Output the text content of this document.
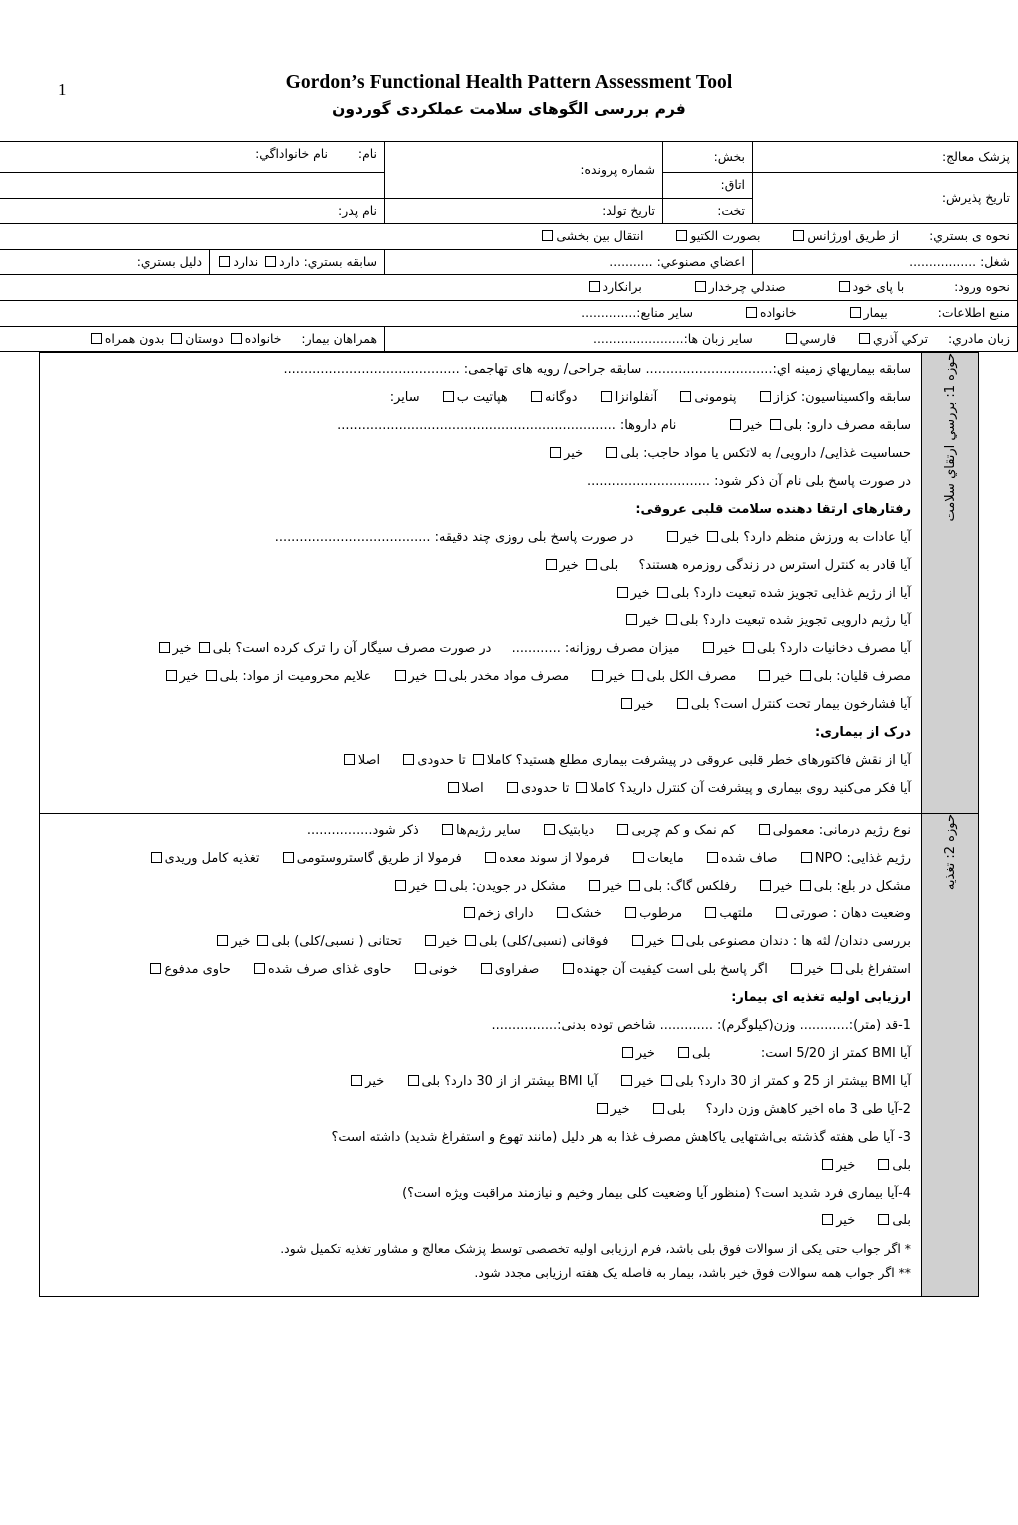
1	Gordon’s Functional Health Pattern Assessment Tool
فرم بررسی الگوهای سلامت عملکردی گوردون
پزشک معالج:	بخش:	شماره پرونده:	نام:  نام خانواداگي:	

تاریخ پذیرش:	اتاق:			
	تخت:	تاریخ تولد:	نام پدر:	
نحوه ی بستري:  از طریق اورژانس  بصورت الکتیو  انتقال بین بخشی				
شغل: .................	اعضاي مصنوعي: ...........		سابقه بستري: دارد ندارد	دلیل بستري:
نحوه ورود:  با پای خود  صندلي چرخدار  برانکارد				
منبع اطلاعات:  بیمار  خانواده  سایر منابع:..............				
زبان مادري:  ترکي آذري  فارسي  سایر زبان ها:.......................			همراهان بیمار:  خانواده دوستان بدون همراه	
حوزه 1: بررسي ارتقاي سلامت	

سابقه بیماریهاي زمینه اي:............................... سابقه جراحی/ رویه های تهاجمی: ...........................................

سابقه واکسیناسیون: کزاز  پنومونی  آنفلوانزا  دوگانه  هپاتیت ب  سایر:

سابقه مصرف دارو: بلی خیر  نام داروها: ....................................................................

حساسیت غذایی/ دارویی/ به لاتکس یا مواد حاجب: بلی  خیر

در صورت پاسخ بلی نام آن ذکر شود: ..............................

رفتارهای ارتقا دهنده سلامت قلبی عروقی:

آیا عادات به ورزش منظم دارد؟ بلی خیر  در صورت پاسخ بلی روزی چند دقیقه: ......................................

آیا قادر به کنترل استرس در زندگی روزمره هستند؟  بلی خیر

آیا از رژیم غذایی تجویز شده تبعیت دارد؟ بلی خیر

آیا رژیم دارویی تجویز شده تبعیت دارد؟ بلی خیر

آیا مصرف دخانیات دارد؟ بلی خیر  میزان مصرف روزانه: ............  در صورت مصرف سیگار آن را ترک کرده است؟ بلی خیر

مصرف قلیان: بلی خیر  مصرف الکل بلی خیر  مصرف مواد مخدر بلی خیر  علایم محرومیت از مواد: بلی خیر

آیا فشارخون بیمار تحت کنترل است؟ بلی  خیر

درک از بیماری:

آیا از نقش فاکتورهای خطر قلبی عروقی در پیشرفت بیماری مطلع هستید؟ کاملا تا حدودی  اصلا

آیا فکر می‌کنید روی بیماری و پیشرفت آن کنترل دارید؟ کاملا تا حدودی  اصلا

حوزه 2: تغذیه	

نوع رژیم درمانی: معمولی  کم نمک و کم چربی  دیابتیک  سایر رژیم‌ها  ذکر شود................

رژیم غذایی: NPO  صاف شده  مایعات  فرمولا از سوند معده  فرمولا از طریق گاستروستومی  تغذیه کامل وریدی

مشکل در بلع: بلی خیر  رفلکس گاگ: بلی خیر  مشکل در جویدن: بلی خیر

وضعیت دهان : صورتی  ملتهب  مرطوب  خشک  دارای زخم

بررسی دندان/ لثه ها : دندان مصنوعی بلی خیر  فوقانی (نسبی/کلی) بلی خیر  تحتانی ( نسبی/کلی) بلی خیر

استفراغ بلی خیر  اگر پاسخ بلی است کیفیت آن جهنده  صفراوی  خونی  حاوی غذای صرف شده  حاوی مدفوع

ارزیابی اولیه تغذیه ای بیمار:

1-قد (متر):............ وزن(کیلوگرم): ............. شاخص توده بدنی:................

آیا BMI کمتر از 5/20 است:  بلی  خیر

آیا BMI بیشتر از 25 و کمتر از 30 دارد؟ بلی خیر  آیا BMI بیشتر از از 30 دارد؟ بلی  خیر

2-آیا طی 3 ماه اخیر کاهش وزن دارد؟  بلی  خیر

3- آیا طی هفته گذشته بی‌اشتهایی یاکاهش مصرف غذا به هر دلیل (مانند تهوع و استفراغ شدید) داشته است؟

بلی  خیر

4-آیا بیماری فرد شدید است؟ (منظور آیا وضعیت کلی بیمار وخیم و نیازمند مراقبت ویژه است؟)

بلی  خیر

* اگر جواب حتی یکی از سوالات فوق بلی باشد، فرم ارزیابی اولیه تخصصی توسط پزشک معالج و مشاور تغذیه تکمیل شود.

** اگر جواب همه سوالات فوق خیر باشد، بیمار به فاصله یک هفته ارزیابی مجدد شود.
